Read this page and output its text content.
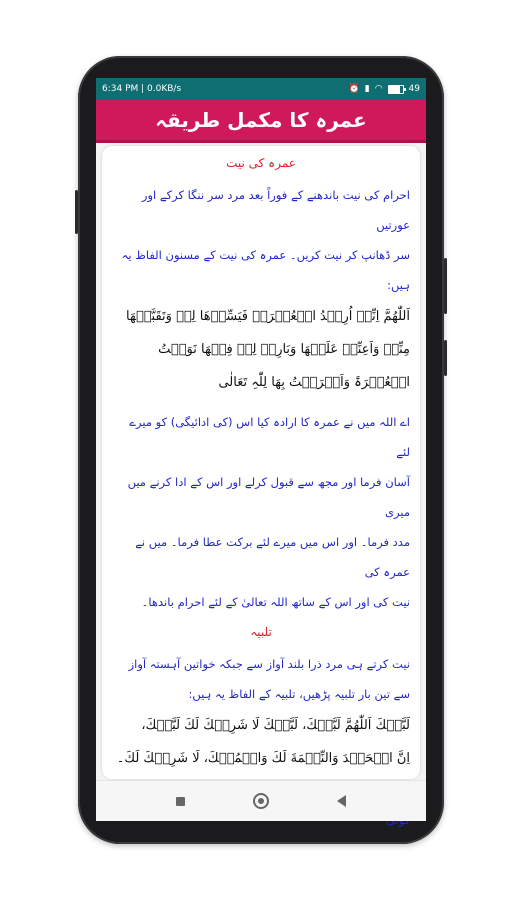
6:34 PM | 0.0KB/s	⏰ ▮ ◠	49
عمرہ کا مکمل طریقہ

عمرہ کی نیت

احرام کی نیت باندھنے کے فوراً بعد مرد سر ننگا کرکے اور عورتیں

سر ڈھانپ کر نیت کریں۔ عمرہ کی نیت کے مسنون الفاظ یہ ہیں:

اَللّٰھُمَّ اِنِّیۡ اُرِیۡدُ الۡعُمۡرَۃَ فَیَسِّرۡھَا لِیۡ وَتَقَبَّلۡھَا

مِنِّیۡ وَاَعِنِّیۡ عَلَیۡھَا وَبَارِكۡ لِیۡ فِیۡھَا نَوَیۡتُ

الۡعُمۡرَۃَ وَاَحۡرَمۡتُ بِھَا لِلّٰہِ تَعَالٰی

اے اللہ میں نے عمرہ کا ارادہ کیا اس (کی ادائیگی) کو میرے لئے

آسان فرما اور مجھ سے قبول کرلے اور اس کے ادا کرنے میں میری

مدد فرما۔ اور اس میں میرے لئے برکت عطا فرما۔ میں نے عمرہ کی

نیت کی اور اس کے ساتھ اللہ تعالیٰ کے لئے احرام باندھا۔

تلبیہ

نیت کرتے ہی مرد ذرا بلند آواز سے جبکہ خواتین آہستہ آواز

سے تین بار تلبیہ پڑھیں، تلبیہ کے الفاظ یہ ہیں:

لَبَّیۡكَ اَللّٰھُمَّ لَبَّیۡكَ، لَبَّیۡكَ لَا شَرِیۡكَ لَكَ لَبَّیۡكَ،

اِنَّ الۡحَمۡدَ وَالنِّعۡمَةَ لَكَ وَالۡمُلۡكَ، لَا شَرِیۡكَ لَكَ۔
